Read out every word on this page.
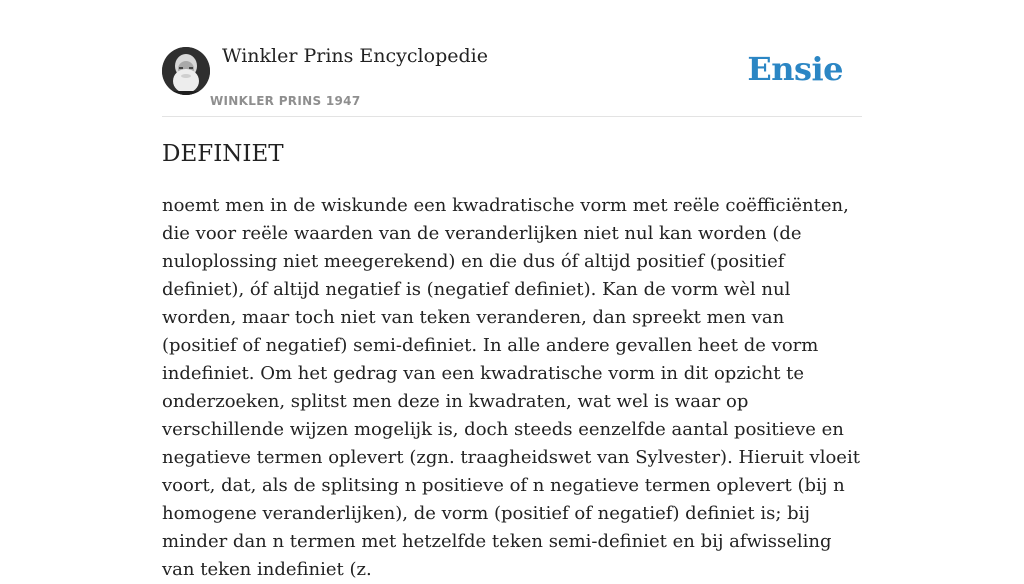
Winkler Prins Encyclopedie
WINKLER PRINS 1947
Ensie
DEFINIET

noemt men in de wiskunde een kwadratische vorm met reële coëfficiënten, die voor reële waarden van de veranderlijken niet nul kan worden (de nuloplossing niet meegerekend) en die dus óf altijd positief (positief definiet), óf altijd negatief is (negatief definiet). Kan de vorm wèl nul worden, maar toch niet van teken veranderen, dan spreekt men van (positief of negatief) semi-definiet. In alle andere gevallen heet de vorm indefiniet. Om het gedrag van een kwadratische vorm in dit opzicht te onderzoeken, splitst men deze in kwadraten, wat wel is waar op verschillende wijzen mogelijk is, doch steeds eenzelfde aantal positieve en negatieve termen oplevert (zgn. traagheidswet van Sylvester). Hieruit vloeit voort, dat, als de splitsing n positieve of n negatieve termen oplevert (bij n homogene veranderlijken), de vorm (positief of negatief) definiet is; bij minder dan n termen met hetzelfde teken semi-definiet en bij afwisseling van teken indefiniet (z.
